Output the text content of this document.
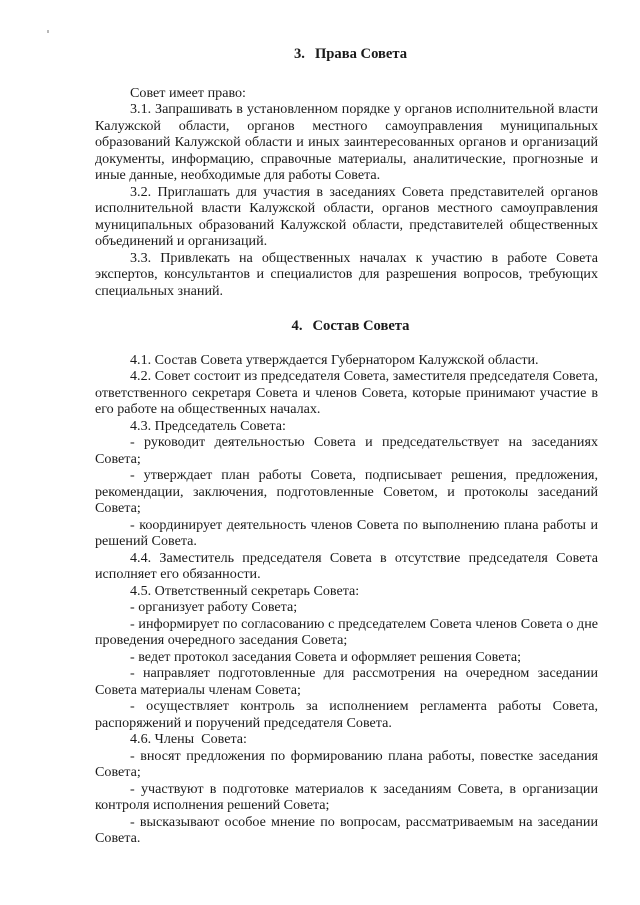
3. Права Совета

Совет имеет право:

3.1. Запрашивать в установленном порядке у органов исполнительной власти Калужской области, органов местного самоуправления муниципальных образований Калужской области и иных заинтересованных органов и организаций документы, информацию, справочные материалы, аналитические, прогнозные и иные данные, необходимые для работы Совета.

3.2. Приглашать для участия в заседаниях Совета представителей органов исполнительной власти Калужской области, органов местного самоуправления муниципальных образований Калужской области, представителей общественных объединений и организаций.

3.3. Привлекать на общественных началах к участию в работе Совета экспертов, консультантов и специалистов для разрешения вопросов, требующих специальных знаний.

4. Состав Совета

4.1. Состав Совета утверждается Губернатором Калужской области.

4.2. Совет состоит из председателя Совета, заместителя председателя Совета, ответственного секретаря Совета и членов Совета, которые принимают участие в его работе на общественных началах.

4.3. Председатель Совета:

- руководит деятельностью Совета и председательствует на заседаниях Совета;

- утверждает план работы Совета, подписывает решения, предложения, рекомендации, заключения, подготовленные Советом, и протоколы заседаний Совета;

- координирует деятельность членов Совета по выполнению плана работы и решений Совета.

4.4. Заместитель председателя Совета в отсутствие председателя Совета исполняет его обязанности.

4.5. Ответственный секретарь Совета:

- организует работу Совета;

- информирует по согласованию с председателем Совета членов Совета о дне проведения очередного заседания Совета;

- ведет протокол заседания Совета и оформляет решения Совета;

- направляет подготовленные для рассмотрения на очередном заседании Совета материалы членам Совета;

- осуществляет контроль за исполнением регламента работы Совета, распоряжений и поручений председателя Совета.

4.6. Члены  Совета:

- вносят предложения по формированию плана работы, повестке заседания Совета;

- участвуют в подготовке материалов к заседаниям Совета, в организации контроля исполнения решений Совета;

- высказывают особое мнение по вопросам, рассматриваемым на заседании Совета.
